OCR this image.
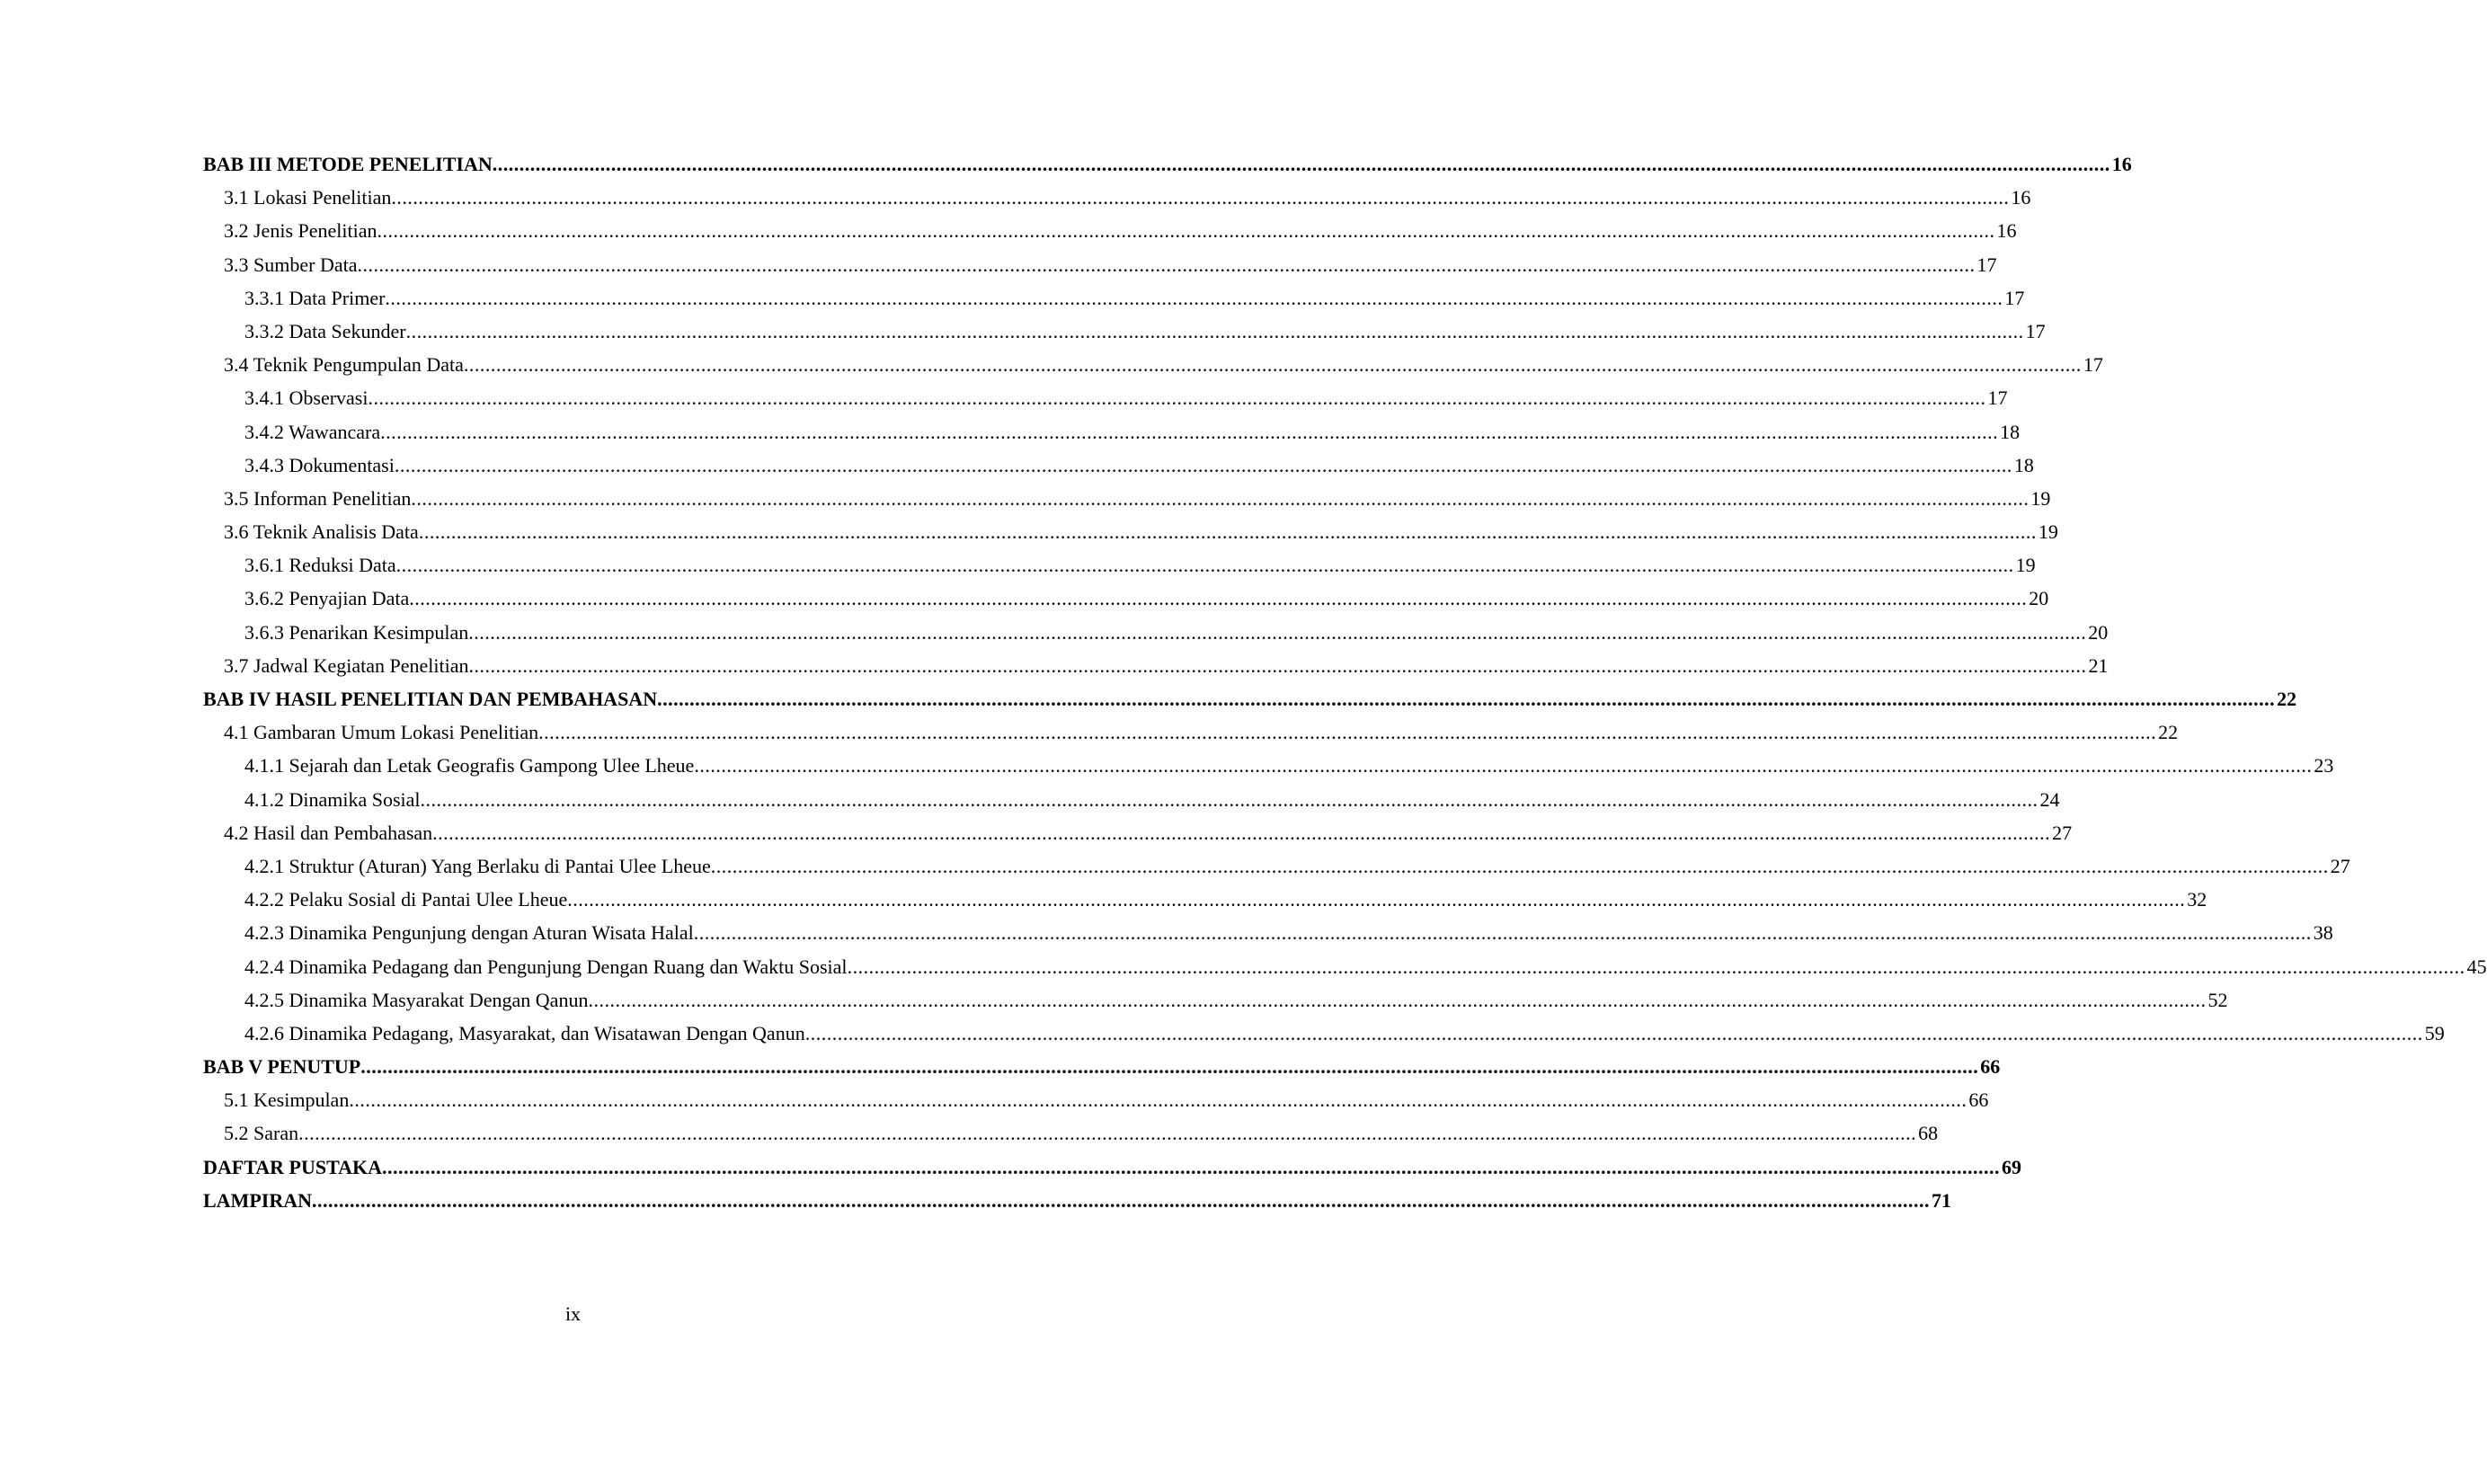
BAB III METODE PENELITIAN ............................................................................................................................................................................................................................................................................................................ 16
3.1 Lokasi Penelitian ............................................................................................................................................................................................................................................................................................................ 16
3.2 Jenis Penelitian ............................................................................................................................................................................................................................................................................................................ 16
3.3 Sumber Data ............................................................................................................................................................................................................................................................................................................ 17
3.3.1 Data Primer ............................................................................................................................................................................................................................................................................................................ 17
3.3.2 Data Sekunder ............................................................................................................................................................................................................................................................................................................ 17
3.4 Teknik Pengumpulan Data ............................................................................................................................................................................................................................................................................................................ 17
3.4.1 Observasi ............................................................................................................................................................................................................................................................................................................ 17
3.4.2 Wawancara ............................................................................................................................................................................................................................................................................................................ 18
3.4.3 Dokumentasi ............................................................................................................................................................................................................................................................................................................ 18
3.5 Informan Penelitian ............................................................................................................................................................................................................................................................................................................ 19
3.6 Teknik Analisis Data ............................................................................................................................................................................................................................................................................................................ 19
3.6.1 Reduksi Data ............................................................................................................................................................................................................................................................................................................ 19
3.6.2 Penyajian Data ............................................................................................................................................................................................................................................................................................................ 20
3.6.3 Penarikan Kesimpulan ............................................................................................................................................................................................................................................................................................................ 20
3.7 Jadwal Kegiatan Penelitian ............................................................................................................................................................................................................................................................................................................ 21
BAB IV HASIL PENELITIAN DAN PEMBAHASAN ............................................................................................................................................................................................................................................................................................................ 22
4.1 Gambaran Umum Lokasi Penelitian ............................................................................................................................................................................................................................................................................................................ 22
4.1.1 Sejarah dan Letak Geografis Gampong Ulee Lheue ............................................................................................................................................................................................................................................................................................................ 23
4.1.2 Dinamika Sosial ............................................................................................................................................................................................................................................................................................................ 24
4.2 Hasil dan Pembahasan ............................................................................................................................................................................................................................................................................................................ 27
4.2.1 Struktur (Aturan) Yang Berlaku di Pantai Ulee Lheue ............................................................................................................................................................................................................................................................................................................ 27
4.2.2 Pelaku Sosial di Pantai Ulee Lheue ............................................................................................................................................................................................................................................................................................................ 32
4.2.3 Dinamika Pengunjung dengan Aturan Wisata Halal ............................................................................................................................................................................................................................................................................................................ 38
4.2.4 Dinamika Pedagang dan Pengunjung Dengan Ruang dan Waktu Sosial ............................................................................................................................................................................................................................................................................................................ 45
4.2.5 Dinamika Masyarakat Dengan Qanun ............................................................................................................................................................................................................................................................................................................ 52
4.2.6 Dinamika Pedagang, Masyarakat, dan Wisatawan Dengan Qanun ............................................................................................................................................................................................................................................................................................................ 59
BAB V PENUTUP ............................................................................................................................................................................................................................................................................................................ 66
5.1 Kesimpulan ............................................................................................................................................................................................................................................................................................................ 66
5.2 Saran ............................................................................................................................................................................................................................................................................................................ 68
DAFTAR PUSTAKA ............................................................................................................................................................................................................................................................................................................ 69
LAMPIRAN ............................................................................................................................................................................................................................................................................................................ 71
ix
